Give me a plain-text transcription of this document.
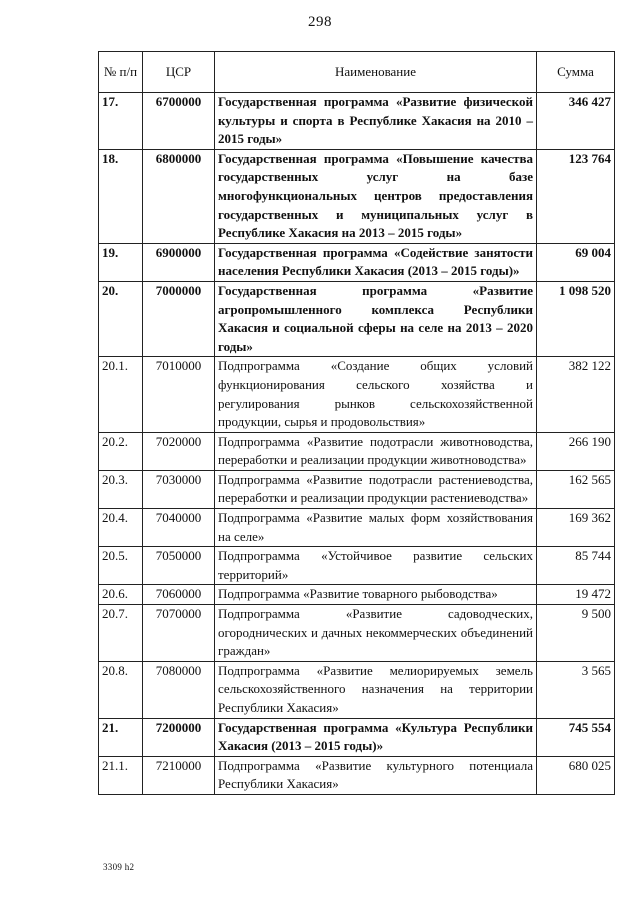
298
№ п/п	ЦСР	Наименование	Сумма
17.	6700000	Государственная программа «Развитие физической культуры и спорта в Республике Хакасия на 2010 – 2015 годы»	346 427
18.	6800000	Государственная программа «Повышение качества государственных услуг на базе многофункциональных центров предоставления государственных и муниципальных услуг в Республике Хакасия на 2013 – 2015 годы»	123 764
19.	6900000	Государственная программа «Содействие занятости населения Республики Хакасия (2013 – 2015 годы)»	69 004
20.	7000000	Государственная программа «Развитие агропромышленного комплекса Республики Хакасия и социальной сферы на селе на 2013 – 2020 годы»	1 098 520
20.1.	7010000	Подпрограмма «Создание общих условий функционирования сельского хозяйства и регулирования рынков сельскохозяйственной продукции, сырья и продовольствия»	382 122
20.2.	7020000	Подпрограмма «Развитие подотрасли животноводства, переработки и реализации продукции животноводства»	266 190
20.3.	7030000	Подпрограмма «Развитие подотрасли растениеводства, переработки и реализации продукции растениеводства»	162 565
20.4.	7040000	Подпрограмма «Развитие малых форм хозяйствования на селе»	169 362
20.5.	7050000	Подпрограмма «Устойчивое развитие сельских территорий»	85 744
20.6.	7060000	Подпрограмма «Развитие товарного рыбоводства»	19 472
20.7.	7070000	Подпрограмма «Развитие садоводческих, огороднических и дачных некоммерческих объединений граждан»	9 500
20.8.	7080000	Подпрограмма «Развитие мелиорируемых земель сельскохозяйственного назначения на территории Республики Хакасия»	3 565
21.	7200000	Государственная программа «Культура Республики Хакасия (2013 – 2015 годы)»	745 554
21.1.	7210000	Подпрограмма «Развитие культурного потенциала Республики Хакасия»	680 025
3309 h2
